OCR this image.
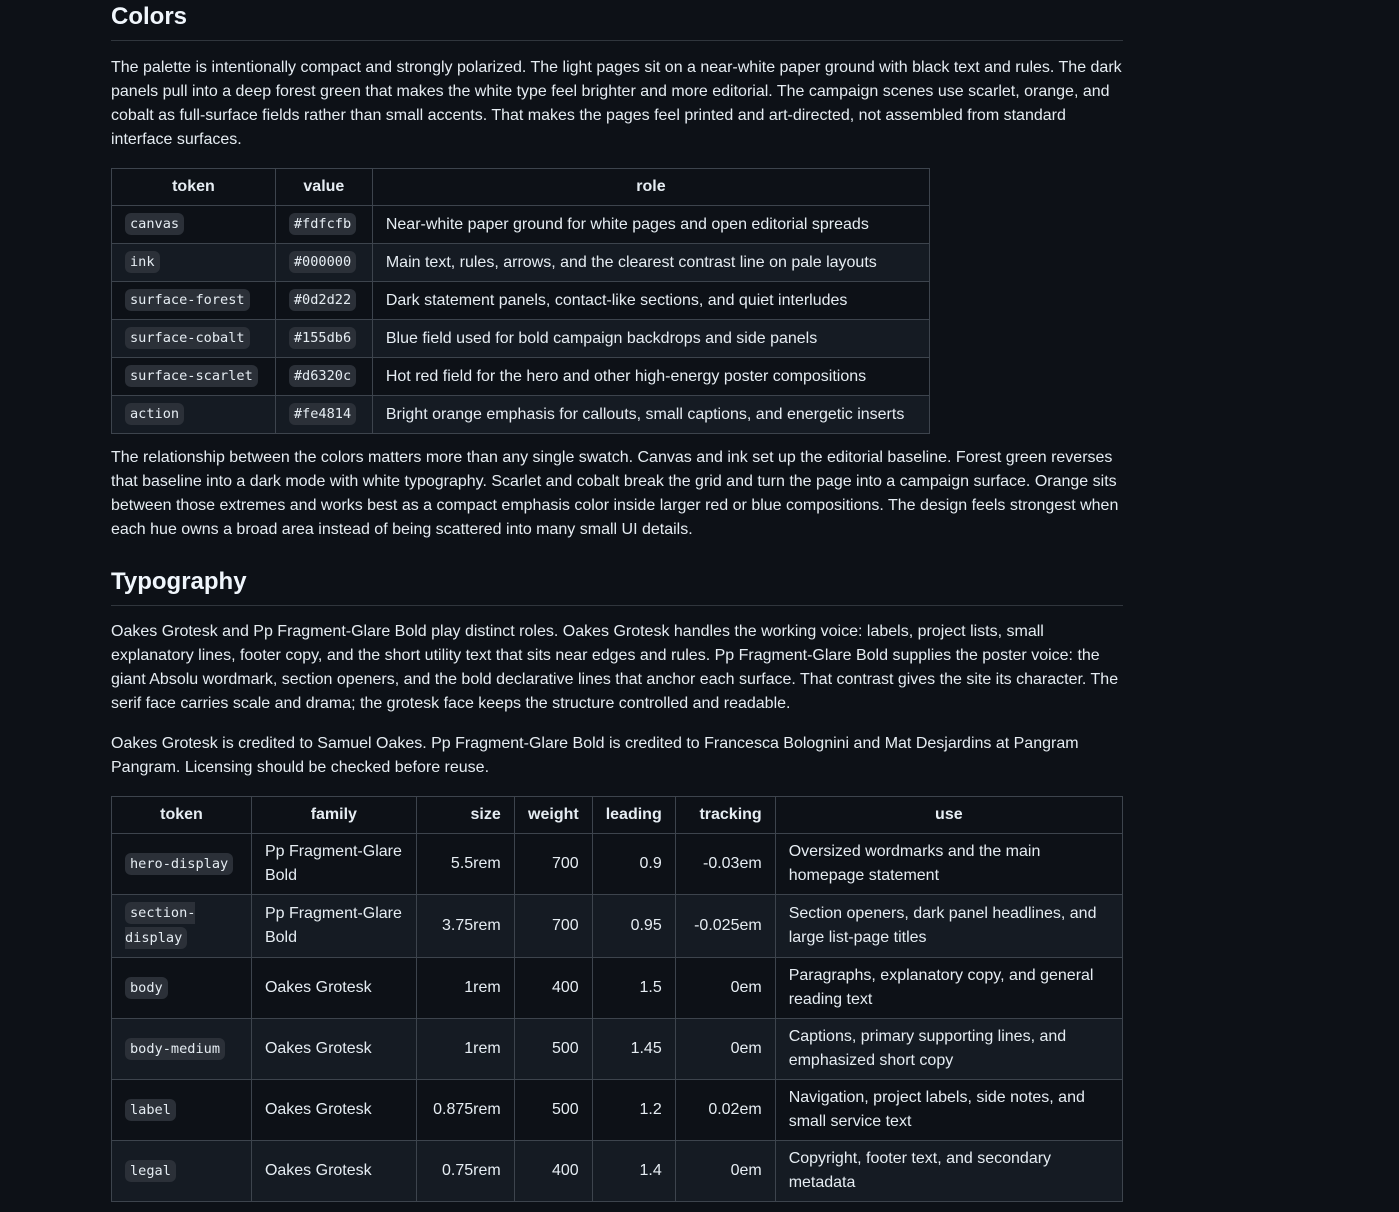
Colors

The palette is intentionally compact and strongly polarized. The light pages sit on a near-white paper ground with black text and rules. The dark panels pull into a deep forest green that makes the white type feel brighter and more editorial. The campaign scenes use scarlet, orange, and cobalt as full-surface fields rather than small accents. That makes the pages feel printed and art-directed, not assembled from standard interface surfaces.

token	value	role
canvas	#fdfcfb	Near-white paper ground for white pages and open editorial spreads
ink	#000000	Main text, rules, arrows, and the clearest contrast line on pale layouts
surface-forest	#0d2d22	Dark statement panels, contact-like sections, and quiet interludes
surface-cobalt	#155db6	Blue field used for bold campaign backdrops and side panels
surface-scarlet	#d6320c	Hot red field for the hero and other high-energy poster compositions
action	#fe4814	Bright orange emphasis for callouts, small captions, and energetic inserts

The relationship between the colors matters more than any single swatch. Canvas and ink set up the editorial baseline. Forest green reverses that baseline into a dark mode with white typography. Scarlet and cobalt break the grid and turn the page into a campaign surface. Orange sits between those extremes and works best as a compact emphasis color inside larger red or blue compositions. The design feels strongest when each hue owns a broad area instead of being scattered into many small UI details.

Typography

Oakes Grotesk and Pp Fragment-Glare Bold play distinct roles. Oakes Grotesk handles the working voice: labels, project lists, small explanatory lines, footer copy, and the short utility text that sits near edges and rules. Pp Fragment-Glare Bold supplies the poster voice: the giant Absolu wordmark, section openers, and the bold declarative lines that anchor each surface. That contrast gives the site its character. The serif face carries scale and drama; the grotesk face keeps the structure controlled and readable.

Oakes Grotesk is credited to Samuel Oakes. Pp Fragment-Glare Bold is credited to Francesca Bolognini and Mat Desjardins at Pangram Pangram. Licensing should be checked before reuse.

token	family	size	weight	leading	tracking	use
hero-display	Pp Fragment-Glare Bold	5.5rem	700	0.9	-0.03em	Oversized wordmarks and the main homepage statement
section-display	Pp Fragment-Glare Bold	3.75rem	700	0.95	-0.025em	Section openers, dark panel headlines, and large list-page titles
body	Oakes Grotesk	1rem	400	1.5	0em	Paragraphs, explanatory copy, and general reading text
body-medium	Oakes Grotesk	1rem	500	1.45	0em	Captions, primary supporting lines, and emphasized short copy
label	Oakes Grotesk	0.875rem	500	1.2	0.02em	Navigation, project labels, side notes, and small service text
legal	Oakes Grotesk	0.75rem	400	1.4	0em	Copyright, footer text, and secondary metadata
